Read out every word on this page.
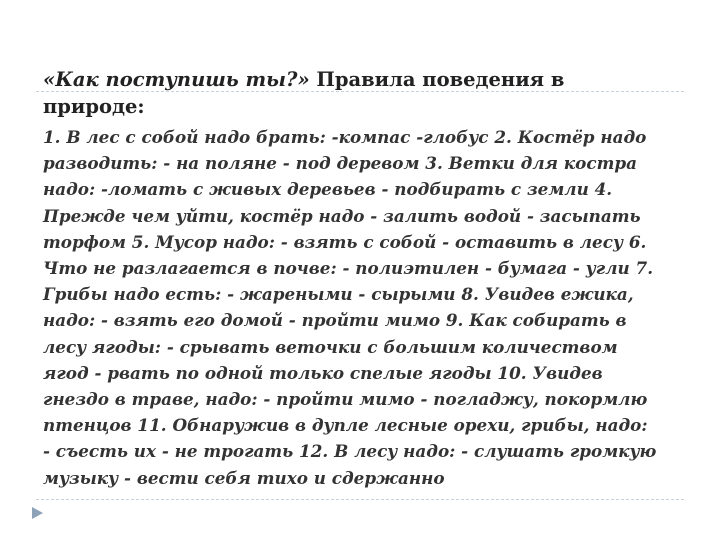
«Как поступишь ты?» Правила поведения в
природе:
1. В лес с собой надо брать: -компас -глобус 2. Костёр надо
разводить: - на поляне - под деревом 3. Ветки для костра
надо: -ломать с живых деревьев - подбирать с земли 4.
Прежде чем уйти, костёр надо - залить водой - засыпать
торфом 5. Мусор надо: - взять с собой - оставить в лесу 6.
Что не разлагается в почве: - полиэтилен - бумага - угли 7.
Грибы надо есть: - жареными - сырыми 8. Увидев ежика,
надо: - взять его домой - пройти мимо 9. Как собирать в
лесу ягоды: - срывать веточки с большим количеством
ягод - рвать по одной только спелые ягоды 10. Увидев
гнездо в траве, надо: - пройти мимо - погладжу, покормлю
птенцов 11. Обнаружив в дупле лесные орехи, грибы, надо:
- съесть их - не трогать 12. В лесу надо: - слушать громкую
музыку - вести себя тихо и сдержанно
